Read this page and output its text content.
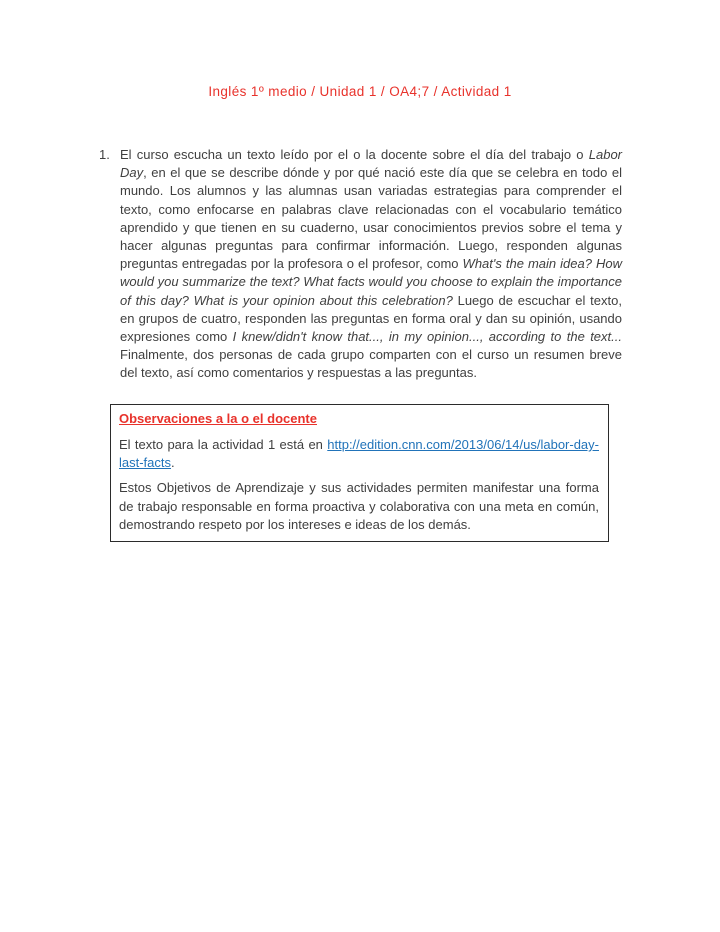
Inglés 1º medio / Unidad 1 / OA4;7 / Actividad 1
1. El curso escucha un texto leído por el o la docente sobre el día del trabajo o Labor Day, en el que se describe dónde y por qué nació este día que se celebra en todo el mundo. Los alumnos y las alumnas usan variadas estrategias para comprender el texto, como enfocarse en palabras clave relacionadas con el vocabulario temático aprendido y que tienen en su cuaderno, usar conocimientos previos sobre el tema y hacer algunas preguntas para confirmar información. Luego, responden algunas preguntas entregadas por la profesora o el profesor, como What's the main idea? How would you summarize the text? What facts would you choose to explain the importance of this day? What is your opinion about this celebration? Luego de escuchar el texto, en grupos de cuatro, responden las preguntas en forma oral y dan su opinión, usando expresiones como I knew/didn't know that..., in my opinion..., according to the text... Finalmente, dos personas de cada grupo comparten con el curso un resumen breve del texto, así como comentarios y respuestas a las preguntas.
Observaciones a la o el docente
El texto para la actividad 1 está en http://edition.cnn.com/2013/06/14/us/labor-day-last-facts.
Estos Objetivos de Aprendizaje y sus actividades permiten manifestar una forma de trabajo responsable en forma proactiva y colaborativa con una meta en común, demostrando respeto por los intereses e ideas de los demás.
